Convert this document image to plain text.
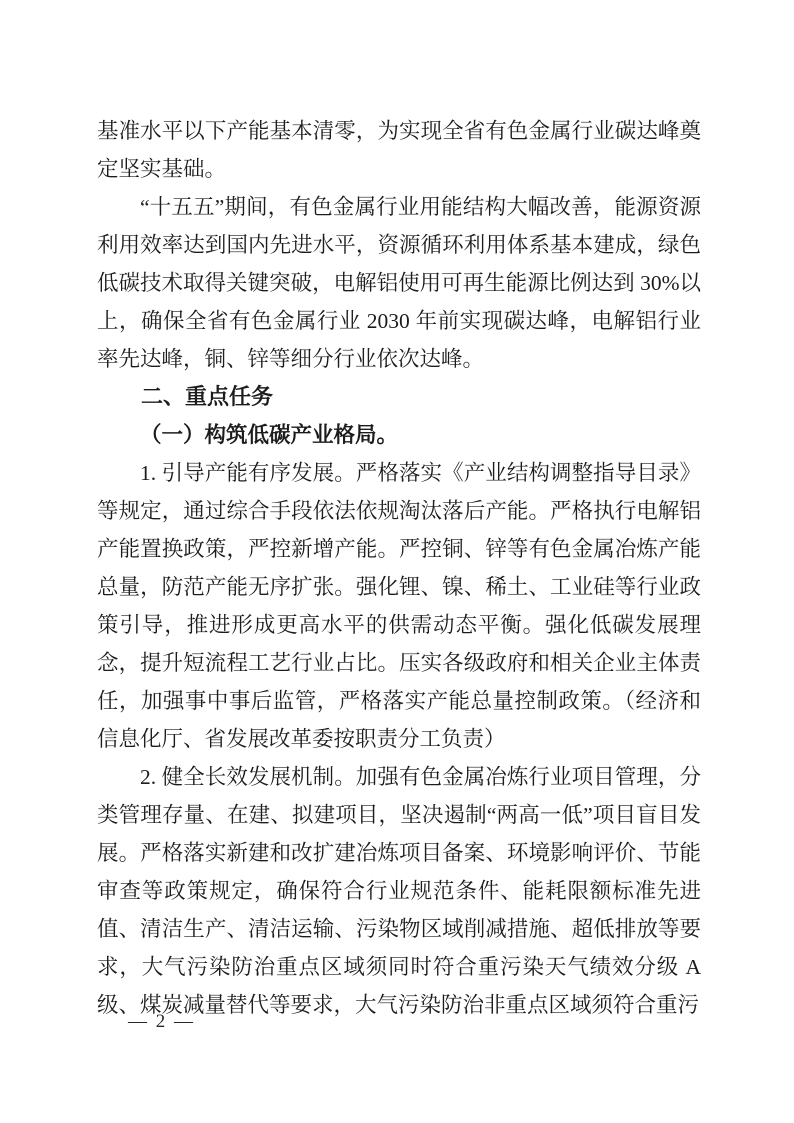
基准水平以下产能基本清零，为实现全省有色金属行业碳达峰奠定坚实基础。

“十五五”期间，有色金属行业用能结构大幅改善，能源资源利用效率达到国内先进水平，资源循环利用体系基本建成，绿色低碳技术取得关键突破，电解铝使用可再生能源比例达到 30%以上，确保全省有色金属行业 2030 年前实现碳达峰，电解铝行业率先达峰，铜、锌等细分行业依次达峰。

二、重点任务

（一）构筑低碳产业格局。

1. 引导产能有序发展。严格落实《产业结构调整指导目录》等规定，通过综合手段依法依规淘汰落后产能。严格执行电解铝产能置换政策，严控新增产能。严控铜、锌等有色金属冶炼产能总量，防范产能无序扩张。强化锂、镍、稀土、工业硅等行业政策引导，推进形成更高水平的供需动态平衡。强化低碳发展理念，提升短流程工艺行业占比。压实各级政府和相关企业主体责任，加强事中事后监管，严格落实产能总量控制政策。（经济和信息化厅、省发展改革委按职责分工负责）

2. 健全长效发展机制。加强有色金属冶炼行业项目管理，分类管理存量、在建、拟建项目，坚决遏制“两高一低”项目盲目发展。严格落实新建和改扩建冶炼项目备案、环境影响评价、节能审查等政策规定，确保符合行业规范条件、能耗限额标准先进值、清洁生产、清洁运输、污染物区域削减措施、超低排放等要求，大气污染防治重点区域须同时符合重污染天气绩效分级 A 级、煤炭减量替代等要求，大气污染防治非重点区域须符合重污

— 2 —
